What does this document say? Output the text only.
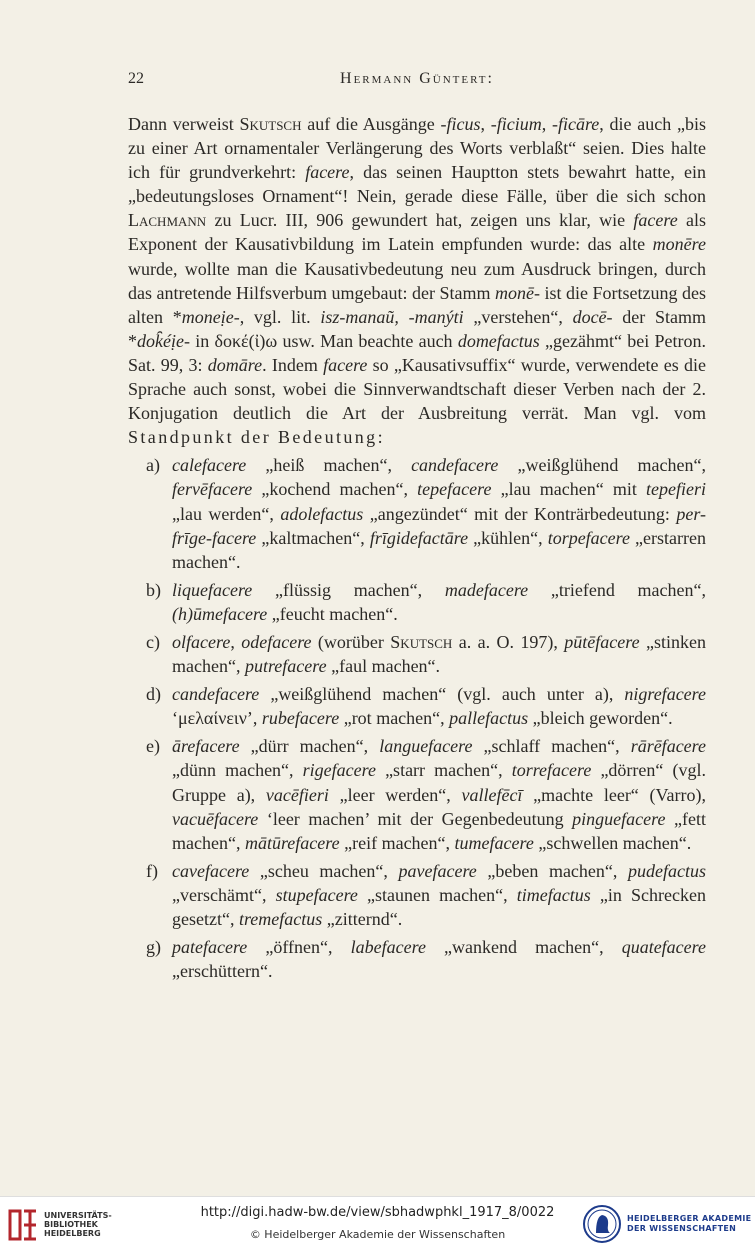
22	Hermann Güntert:

Dann verweist Skutsch auf die Ausgänge -ficus, -ficium, -ficāre, die auch „bis zu einer Art ornamentaler Verlängerung des Worts verblaßt“ seien. Dies halte ich für grundverkehrt: facere, das seinen Hauptton stets bewahrt hatte, ein „bedeutungsloses Ornament“! Nein, gerade diese Fälle, über die sich schon Lachmann zu Lucr. III, 906 gewundert hat, zeigen uns klar, wie facere als Exponent der Kausativbildung im Latein empfunden wurde: das alte monēre wurde, wollte man die Kausativbedeutung neu zum Ausdruck bringen, durch das antretende Hilfsverbum umgebaut: der Stamm monē- ist die Fortsetzung des alten *moneịe-, vgl. lit. isz-manaũ, -manýti „verstehen“, docē- der Stamm *dok̑éịe- in δοκέ(ἰ)ω usw. Man beachte auch domefactus „gezähmt“ bei Petron. Sat. 99, 3: domāre. Indem facere so „Kausativsuffix“ wurde, verwendete es die Sprache auch sonst, wobei die Sinnverwandtschaft dieser Verben nach der 2. Konjugation deutlich die Art der Ausbreitung verrät. Man vgl. vom Standpunkt der Bedeutung:

a) calefacere „heiß machen“, candefacere „weißglühend machen“, fervēfacere „kochend machen“, tepefacere „lau machen“ mit tepefieri „lau werden“, adolefactus „angezündet“ mit der Konträrbedeutung: per-frīge-facere „kaltmachen“, frīgidefactāre „kühlen“, torpefacere „erstarren machen“.
b) liquefacere „flüssig machen“, madefacere „triefend machen“, (h)ūmefacere „feucht machen“.
c) olfacere, odefacere (worüber Skutsch a. a. O. 197), pūtēfacere „stinken machen“, putrefacere „faul machen“.
d) candefacere „weißglühend machen“ (vgl. auch unter a), nigrefacere ‘μελαίνειν’, rubefacere „rot machen“, pallefactus „bleich geworden“.
e) ārefacere „dürr machen“, languefacere „schlaff machen“, rārēfacere „dünn machen“, rigefacere „starr machen“, torrefacere „dörren“ (vgl. Gruppe a), vacēfieri „leer werden“, vallefēcī „machte leer“ (Varro), vacuēfacere ‘leer machen’ mit der Gegenbedeutung pinguefacere „fett machen“, mātūrefacere „reif machen“, tumefacere „schwellen machen“.
f) cavefacere „scheu machen“, pavefacere „beben machen“, pudefactus „verschämt“, stupefacere „staunen machen“, timefactus „in Schrecken gesetzt“, tremefactus „zitternd“.
g) patefacere „öffnen“, labefacere „wankend machen“, quatefacere „erschüttern“.
UNIVERSITÄTS-
BIBLIOTHEK
HEIDELBERG
http://digi.hadw-bw.de/view/sbhadwphkl_1917_8/0022
© Heidelberger Akademie der Wissenschaften
HEIDELBERGER AKADEMIE
DER WISSENSCHAFTEN
